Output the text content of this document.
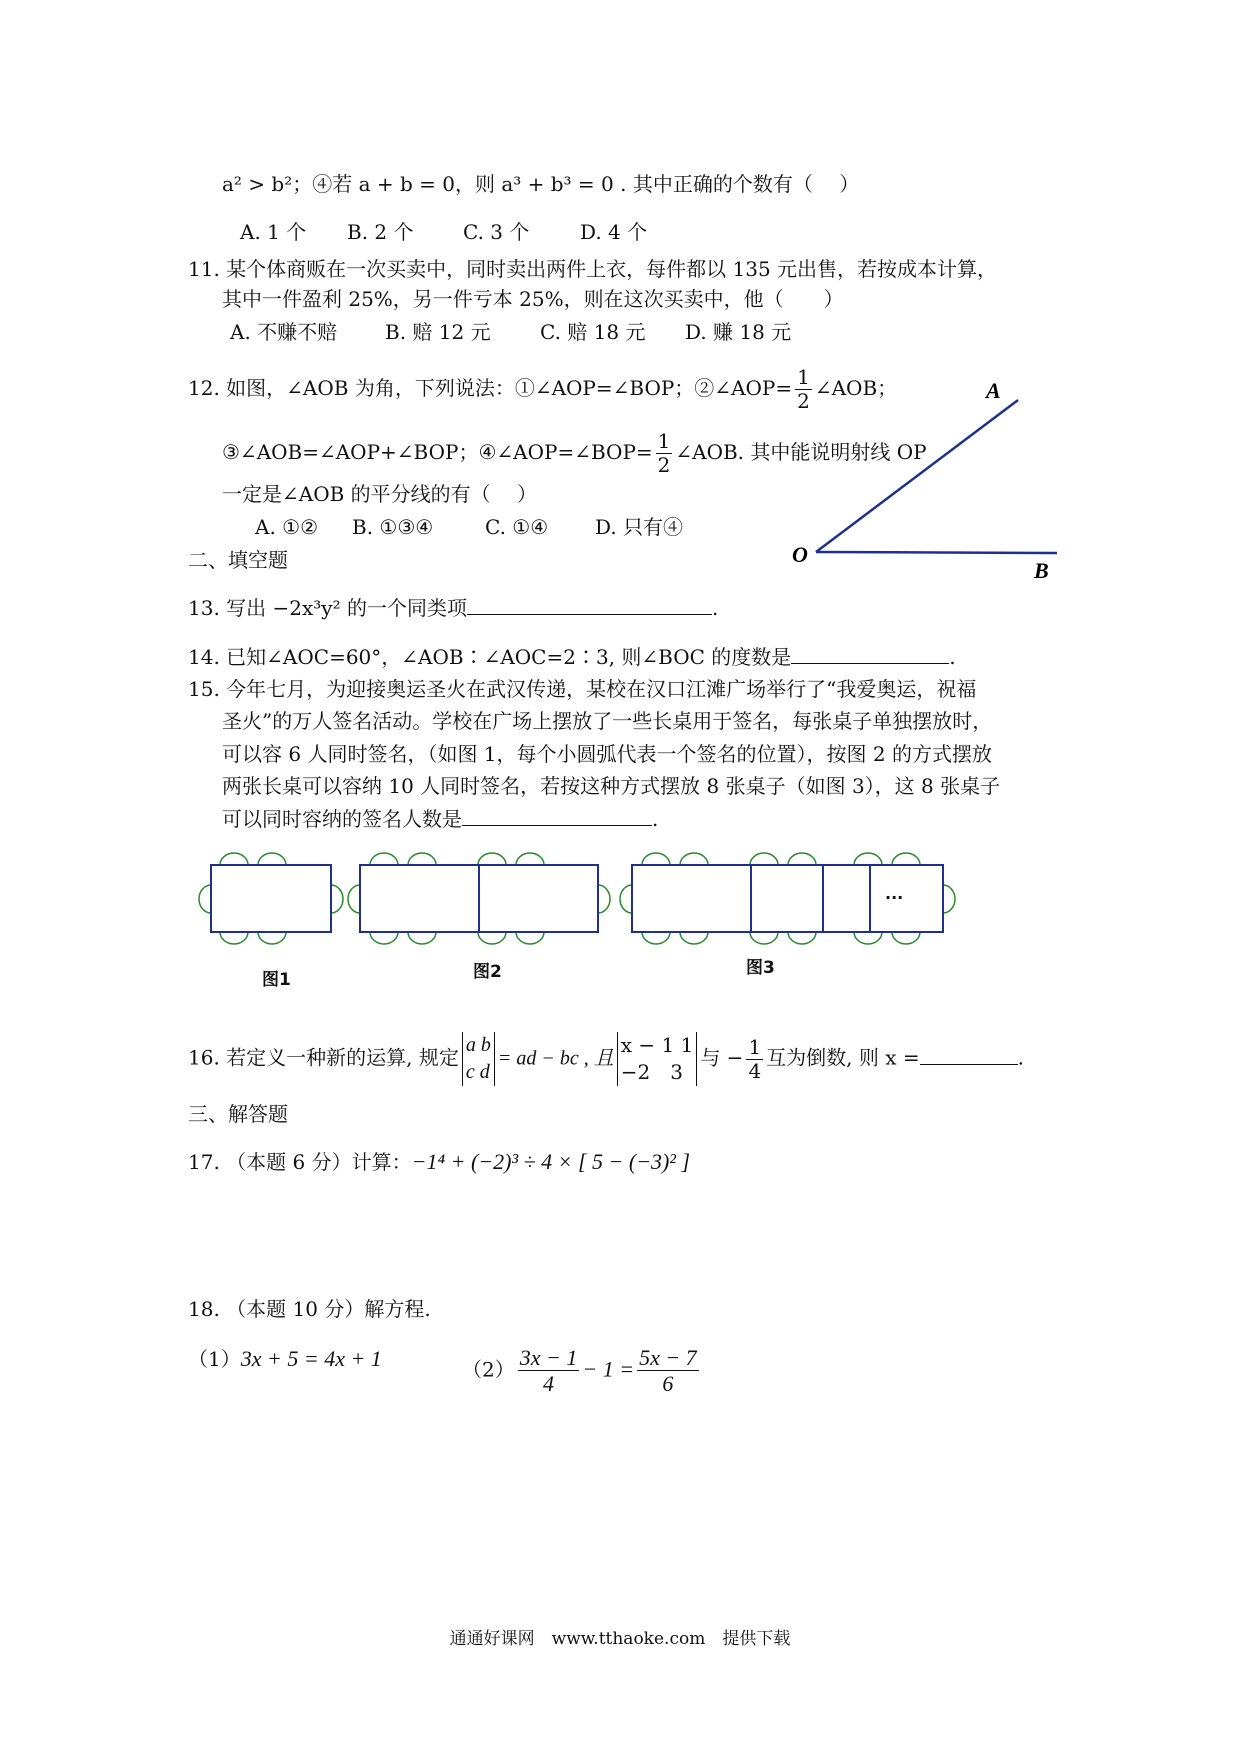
a² > b²；④若 a + b = 0，则 a³ + b³ = 0 . 其中正确的个数有（　 ）
A. 1 个 B. 2 个 C. 3 个	D. 4 个
11. 某个体商贩在一次买卖中，同时卖出两件上衣，每件都以 135 元出售，若按成本计算，
其中一件盈利 25%，另一件亏本 25%，则在这次买卖中，他（　　）
A. 不赚不赔 B. 赔 12 元 C. 赔 18 元 D. 赚 18 元
12. 如图，∠AOB 为角，下列说法：①∠AOP=∠BOP；②∠AOP= $\frac{1}{2}$ ∠AOB；
③∠AOB=∠AOP+∠BOP；④∠AOP=∠BOP= $\frac{1}{2}$ ∠AOB. 其中能说明射线 OP
一定是∠AOB 的平分线的有（　 ）
A. ①② B. ①③④	C. ①④ D. 只有④
A
O
B
二、填空题
13. 写出 −2x³y² 的一个同类项	.
14. 已知∠AOC=60°，∠AOB∶∠AOC=2∶3, 则∠BOC 的度数是	.
15. 今年七月，为迎接奥运圣火在武汉传递，某校在汉口江滩广场举行了“我爱奥运，祝福
圣火”的万人签名活动。学校在广场上摆放了一些长桌用于签名，每张桌子单独摆放时，
可以容 6 人同时签名，（如图 1，每个小圆弧代表一个签名的位置），按图 2 的方式摆放
两张长桌可以容纳 10 人同时签名，若按这种方式摆放 8 张桌子（如图 3），这 8 张桌子
可以同时容纳的签名人数是	.
···
图1	图2	图3
16. 若定义一种新的运算, 规定
a b
c d
= ad − bc , 且
x − 1 1
−2　3
与 − $\frac{1}{4}$ 互为倒数, 则 x =	.
三、解答题
17. （本题 6 分）计算：−1⁴ + (−2)³ ÷ 4 × [ 5 − (−3)² ]
18. （本题 10 分）解方程.
（1）3x + 5 = 4x + 1	$(2) \frac{3x - 1}{4} - 1 = \frac{5x - 7}{6}$
通通好课网　www.tthaoke.com　提供下载
